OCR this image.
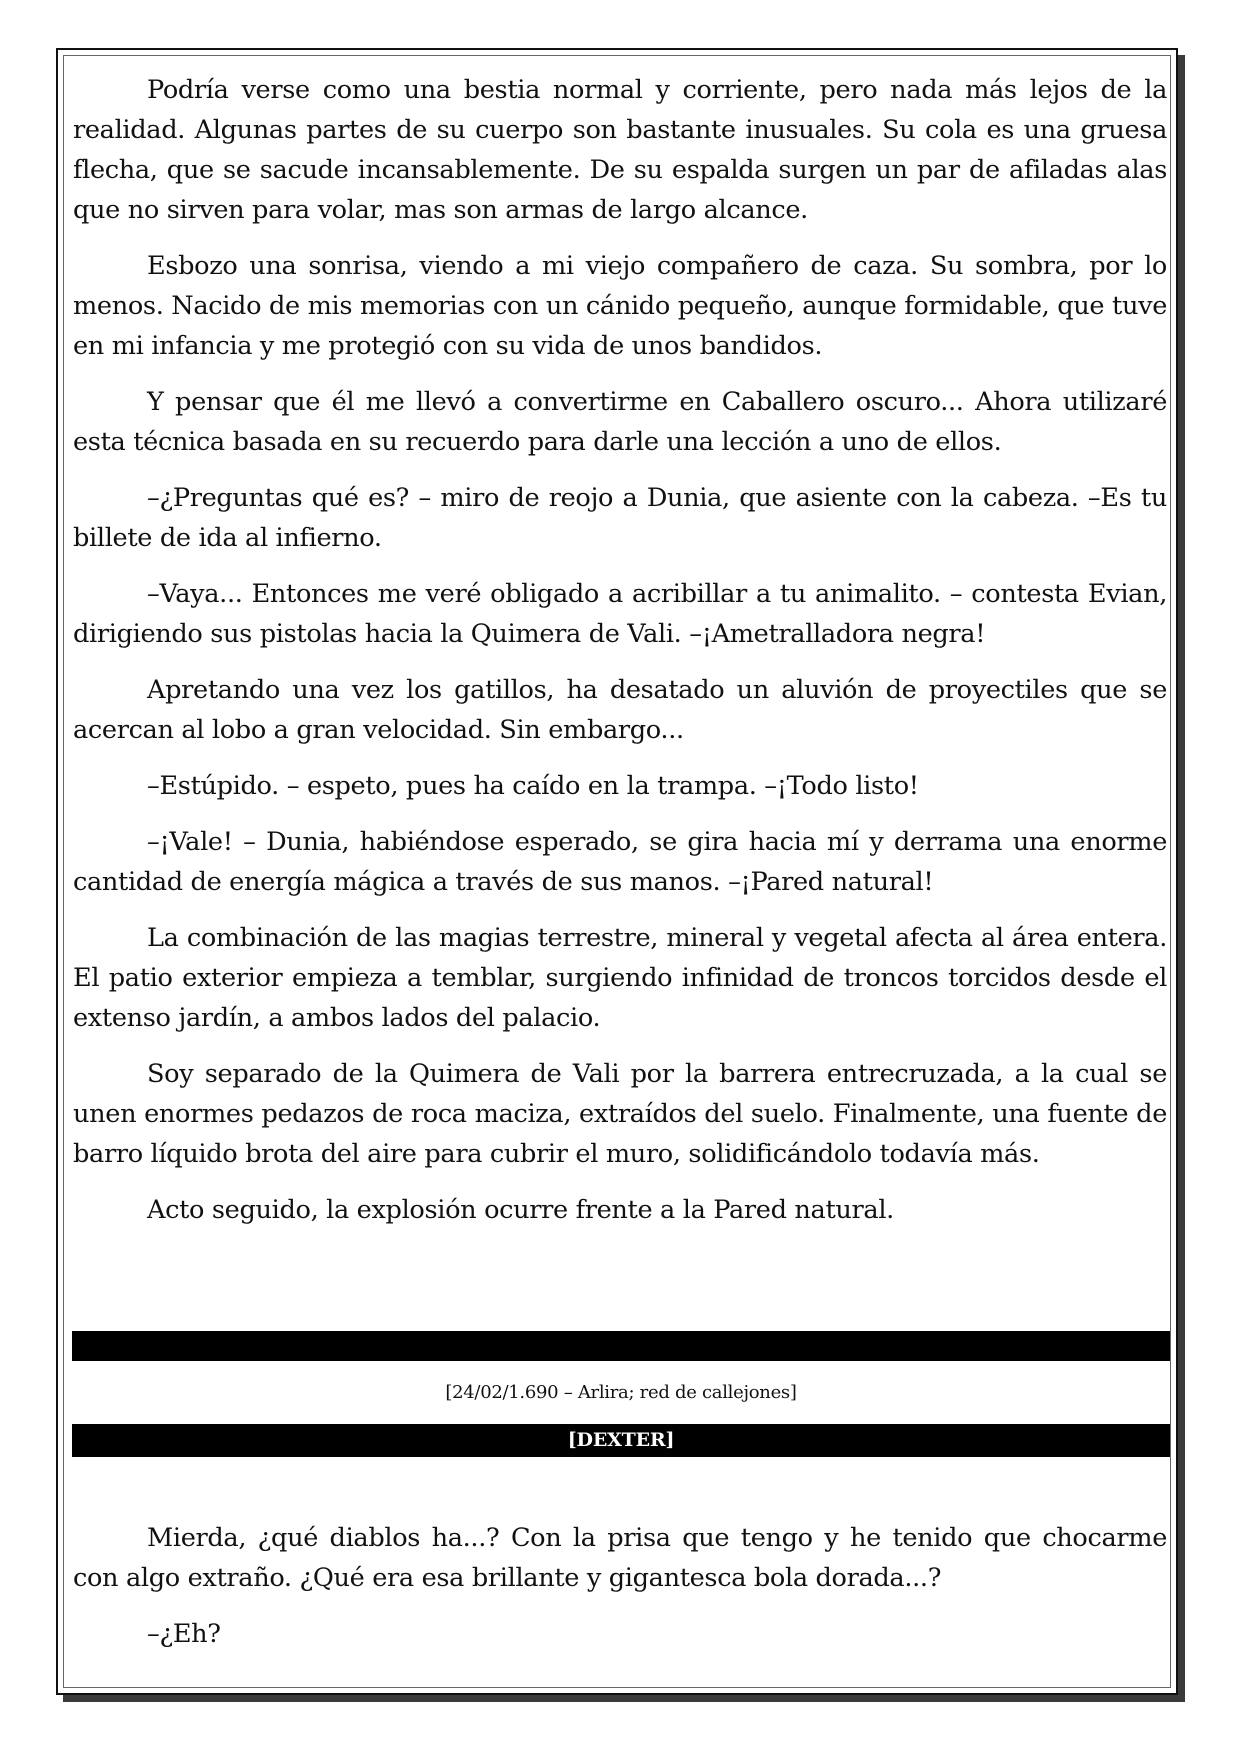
Podría verse como una bestia normal y corriente, pero nada más lejos de la realidad. Algunas partes de su cuerpo son bastante inusuales. Su cola es una gruesa flecha, que se sacude incansablemente. De su espalda surgen un par de afiladas alas que no sirven para volar, mas son armas de largo alcance.

Esbozo una sonrisa, viendo a mi viejo compañero de caza. Su sombra, por lo menos. Nacido de mis memorias con un cánido pequeño, aunque formidable, que tuve en mi infancia y me protegió con su vida de unos bandidos.

Y pensar que él me llevó a convertirme en Caballero oscuro... Ahora utilizaré esta técnica basada en su recuerdo para darle una lección a uno de ellos.

–¿Preguntas qué es? – miro de reojo a Dunia, que asiente con la cabeza. –Es tu billete de ida al infierno.

–Vaya... Entonces me veré obligado a acribillar a tu animalito. – contesta Evian, dirigiendo sus pistolas hacia la Quimera de Vali. –¡Ametralladora negra!

Apretando una vez los gatillos, ha desatado un aluvión de proyectiles que se acercan al lobo a gran velocidad. Sin embargo...

–Estúpido. – espeto, pues ha caído en la trampa. –¡Todo listo!

–¡Vale! – Dunia, habiéndose esperado, se gira hacia mí y derrama una enorme cantidad de energía mágica a través de sus manos. –¡Pared natural!

La combinación de las magias terrestre, mineral y vegetal afecta al área entera. El patio exterior empieza a temblar, surgiendo infinidad de troncos torcidos desde el extenso jardín, a ambos lados del palacio.

Soy separado de la Quimera de Vali por la barrera entrecruzada, a la cual se unen enormes pedazos de roca maciza, extraídos del suelo. Finalmente, una fuente de barro líquido brota del aire para cubrir el muro, solidificándolo todavía más.

Acto seguido, la explosión ocurre frente a la Pared natural.

[24/02/1.690 – Arlira; red de callejones]
[DEXTER]

Mierda, ¿qué diablos ha...? Con la prisa que tengo y he tenido que chocarme con algo extraño. ¿Qué era esa brillante y gigantesca bola dorada...?

–¿Eh?
